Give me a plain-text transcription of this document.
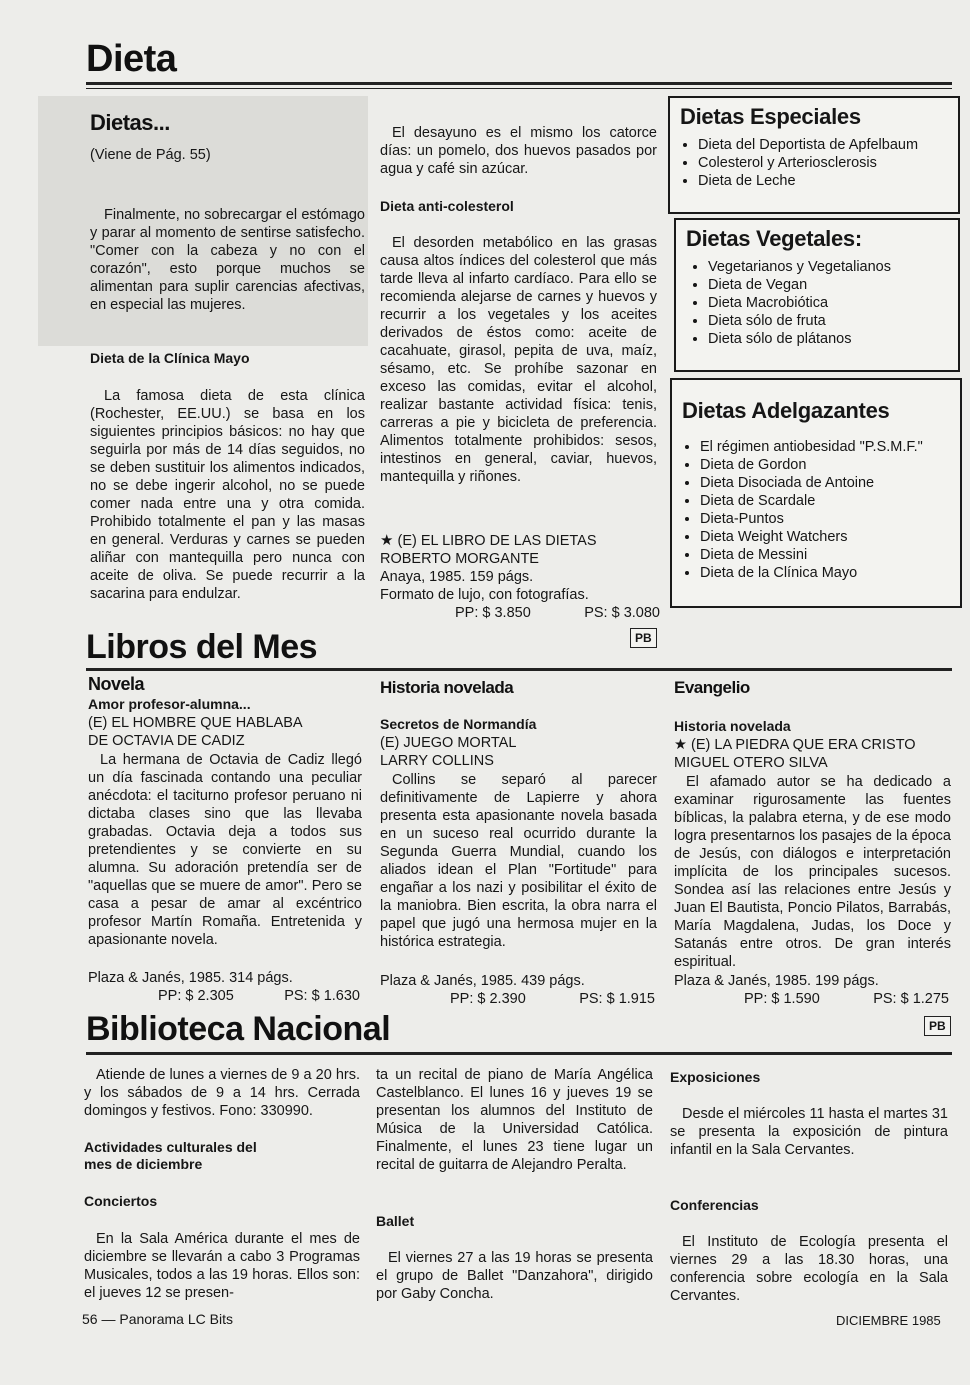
Dieta
Dietas...
(Viene de Pág. 55)

Finalmente, no sobrecargar el estómago y parar al momento de sentirse satisfecho. "Comer con la cabeza y no con el corazón", esto porque muchos se alimentan para suplir carencias afectivas, en especial las mujeres.

Dieta de la Clínica Mayo

La famosa dieta de esta clínica (Rochester, EE.UU.) se basa en los siguientes principios básicos: no hay que seguirla por más de 14 días seguidos, no se deben sustituir los alimentos indicados, no se debe ingerir alcohol, no se puede comer nada entre una y otra comida. Prohibido totalmente el pan y las masas en general. Verduras y carnes se pueden aliñar con mantequilla pero nunca con aceite de oliva. Se puede recurrir a la sacarina para endulzar.

El desayuno es el mismo los catorce días: un pomelo, dos huevos pasados por agua y café sin azúcar.

Dieta anti-colesterol

El desorden metabólico en las grasas causa altos índices del colesterol que más tarde lleva al infarto cardíaco. Para ello se recomienda alejarse de carnes y huevos y recurrir a los vegetales y los aceites derivados de éstos como: aceite de cacahuate, girasol, pepita de uva, maíz, sésamo, etc. Se prohíbe sazonar en exceso las comidas, evitar el alcohol, realizar bastante actividad física: tenis, carreras a pie y bicicleta de preferencia. Alimentos totalmente prohibidos: sesos, intestinos en general, caviar, huevos, mantequilla y riñones.

★ (E) EL LIBRO DE LAS DIETAS
ROBERTO MORGANTE
Anaya, 1985. 159 págs.
Formato de lujo, con fotografías.
PP: $ 3.850	PS: $ 3.080
PB
Dietas Especiales
• Dieta del Deportista de Apfelbaum
• Colesterol y Arteriosclerosis
• Dieta de Leche
Dietas Vegetales:
• Vegetarianos y Vegetalianos
• Dieta de Vegan
• Dieta Macrobiótica
• Dieta sólo de fruta
• Dieta sólo de plátanos
Dietas Adelgazantes
• El régimen antiobesidad "P.S.M.F."
• Dieta de Gordon
• Dieta Disociada de Antoine
• Dieta de Scardale
• Dieta-Puntos
• Dieta Weight Watchers
• Dieta de Messini
• Dieta de la Clínica Mayo
Libros del Mes
Novela
Amor profesor-alumna...
(E) EL HOMBRE QUE HABLABA
DE OCTAVIA DE CADIZ

La hermana de Octavia de Cadiz llegó un día fascinada contando una peculiar anécdota: el taciturno profesor peruano ni dictaba clases sino que las llevaba grabadas. Octavia deja a todos sus pretendientes y se convierte en su alumna. Su adoración pretendía ser de "aquellas que se muere de amor". Pero se casa a pesar de amar al excéntrico profesor Martín Romaña. Entretenida y apasionante novela.

Plaza & Janés, 1985. 314 págs.
PP: $ 2.305	PS: $ 1.630
Historia novelada
Secretos de Normandía
(E) JUEGO MORTAL
LARRY COLLINS

Collins se separó al parecer definitivamente de Lapierre y ahora presenta esta apasionante novela basada en un suceso real ocurrido durante la Segunda Guerra Mundial, cuando los aliados idean el Plan "Fortitude" para engañar a los nazi y posibilitar el éxito de la maniobra. Bien escrita, la obra narra el papel que jugó una hermosa mujer en la histórica estrategia.

Plaza & Janés, 1985. 439 págs.
PP: $ 2.390	PS: $ 1.915
Evangelio
Historia novelada
★ (E) LA PIEDRA QUE ERA CRISTO
MIGUEL OTERO SILVA

El afamado autor se ha dedicado a examinar rigurosamente las fuentes bíblicas, la palabra eterna, y de ese modo logra presentarnos los pasajes de la época de Jesús, con diálogos e interpretación implícita de los principales sucesos. Sondea así las relaciones entre Jesús y Juan El Bautista, Poncio Pilatos, Barrabás, María Magdalena, Judas, los Doce y Satanás entre otros. De gran interés espiritual.

Plaza & Janés, 1985. 199 págs.
PP: $ 1.590	PS: $ 1.275
Biblioteca Nacional	PB

Atiende de lunes a viernes de 9 a 20 hrs. y los sábados de 9 a 14 hrs. Cerrada domingos y festivos. Fono: 330990.

Actividades culturales del mes de diciembre
Conciertos

En la Sala América durante el mes de diciembre se llevarán a cabo 3 Programas Musicales, todos a las 19 horas. Ellos son: el jueves 12 se presen-

ta un recital de piano de María Angélica Castelblanco. El lunes 16 y jueves 19 se presentan los alumnos del Instituto de Música de la Universidad Católica. Finalmente, el lunes 23 tiene lugar un recital de guitarra de Alejandro Peralta.

Ballet

El viernes 27 a las 19 horas se presenta el grupo de Ballet "Danzahora", dirigido por Gaby Concha.

Exposiciones

Desde el miércoles 11 hasta el martes 31 se presenta la exposición de pintura infantil en la Sala Cervantes.

Conferencias

El Instituto de Ecología presenta el viernes 29 a las 18.30 horas, una conferencia sobre ecología en la Sala Cervantes.

56 — Panorama LC Bits	DICIEMBRE 1985
